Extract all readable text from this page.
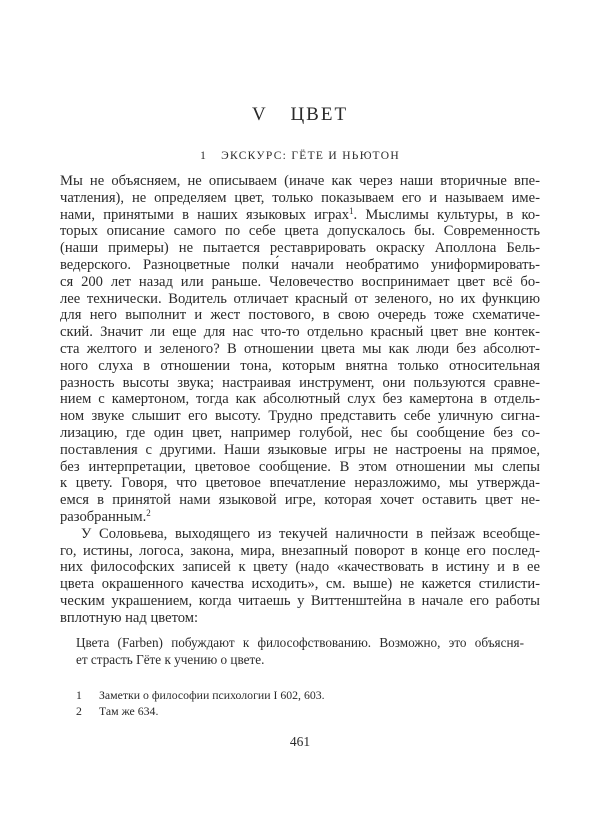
V ЦВЕТ
1 ЭКСКУРС: ГЁТЕ И НЬЮТОН
Мы не объясняем, не описываем (иначе как через наши вторичные впе-
чатления), не определяем цвет, только показываем его и называем име-
нами, принятыми в наших языковых играх$^1$. Мыслимы культуры, в ко-
торых описание самого по себе цвета допускалось бы. Современность
(наши примеры) не пытается реставрировать окраску Аполлона Бель-
ведерского. Разноцветные полки́ начали необратимо униформировать-
ся 200 лет назад или раньше. Человечество воспринимает цвет всё бо-
лее технически. Водитель отличает красный от зеленого, но их функцию
для него выполнит и жест постового, в свою очередь тоже схематиче-
ский. Значит ли еще для нас что-то отдельно красный цвет вне контек-
ста желтого и зеленого? В отношении цвета мы как люди без абсолют-
ного слуха в отношении тона, которым внятна только относительная
разность высоты звука; настраивая инструмент, они пользуются сравне-
нием с камертоном, тогда как абсолютный слух без камертона в отдель-
ном звуке слышит его высоту. Трудно представить себе уличную сигна-
лизацию, где один цвет, например голубой, нес бы сообщение без со-
поставления с другими. Наши языковые игры не настроены на прямое,
без интерпретации, цветовое сообщение. В этом отношении мы слепы
к цвету. Говоря, что цветовое впечатление неразложимо, мы утвержда-
емся в принятой нами языковой игре, которая хочет оставить цвет не-
разобранным.$^2$
У Соловьева, выходящего из текучей наличности в пейзаж всеобще-
го, истины, логоса, закона, мира, внезапный поворот в конце его послед-
них философских записей к цвету (надо «качествовать в истину и в ее
цвета окрашенного качества исходить», см. выше) не кажется стилисти-
ческим украшением, когда читаешь у Виттенштейна в начале его работы
вплотную над цветом:
Цвета (Farben) побуждают к философствованию. Возможно, это объясня-
ет страсть Гёте к учению о цвете.
1 Заметки о философии психологии I 602, 603.
2 Там же 634.
461
